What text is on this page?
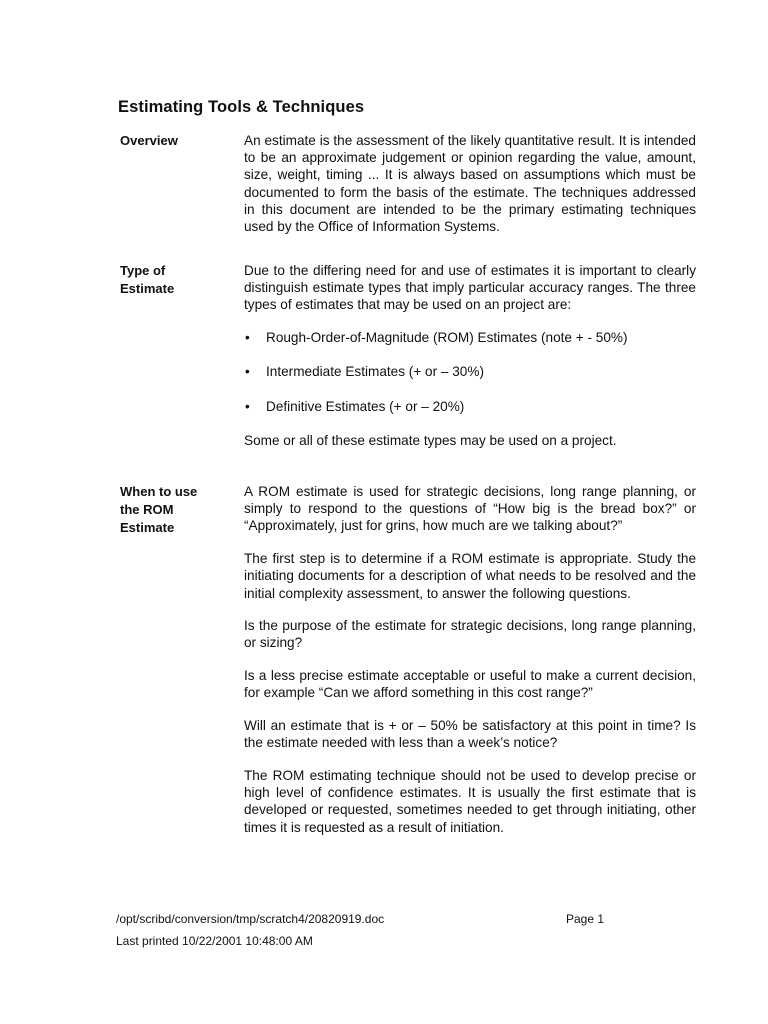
Estimating Tools & Techniques
Overview	An estimate is the assessment of the likely quantitative result. It is intended to be an approximate judgement or opinion regarding the value, amount, size, weight, timing ... It is always based on assumptions which must be documented to form the basis of the estimate. The techniques addressed in this document are intended to be the primary estimating techniques used by the Office of Information Systems.

Type of
Estimate

Due to the differing need for and use of estimates it is important to clearly distinguish estimate types that imply particular accuracy ranges. The three types of estimates that may be used on an project are:

• Rough-Order-of-Magnitude (ROM) Estimates (note + - 50%)
• Intermediate Estimates (+ or – 30%)
• Definitive Estimates (+ or – 20%)

Some or all of these estimate types may be used on a project.

When to use
the ROM
Estimate

A ROM estimate is used for strategic decisions, long range planning, or simply to respond to the questions of “How big is the bread box?” or “Approximately, just for grins, how much are we talking about?”

The first step is to determine if a ROM estimate is appropriate. Study the initiating documents for a description of what needs to be resolved and the initial complexity assessment, to answer the following questions.

Is the purpose of the estimate for strategic decisions, long range planning, or sizing?

Is a less precise estimate acceptable or useful to make a current decision, for example “Can we afford something in this cost range?”

Will an estimate that is + or – 50% be satisfactory at this point in time? Is the estimate needed with less than a week’s notice?

The ROM estimating technique should not be used to develop precise or high level of confidence estimates. It is usually the first estimate that is developed or requested, sometimes needed to get through initiating, other times it is requested as a result of initiation.

/opt/scribd/conversion/tmp/scratch4/20820919.doc	Page 1
Last printed 10/22/2001 10:48:00 AM
